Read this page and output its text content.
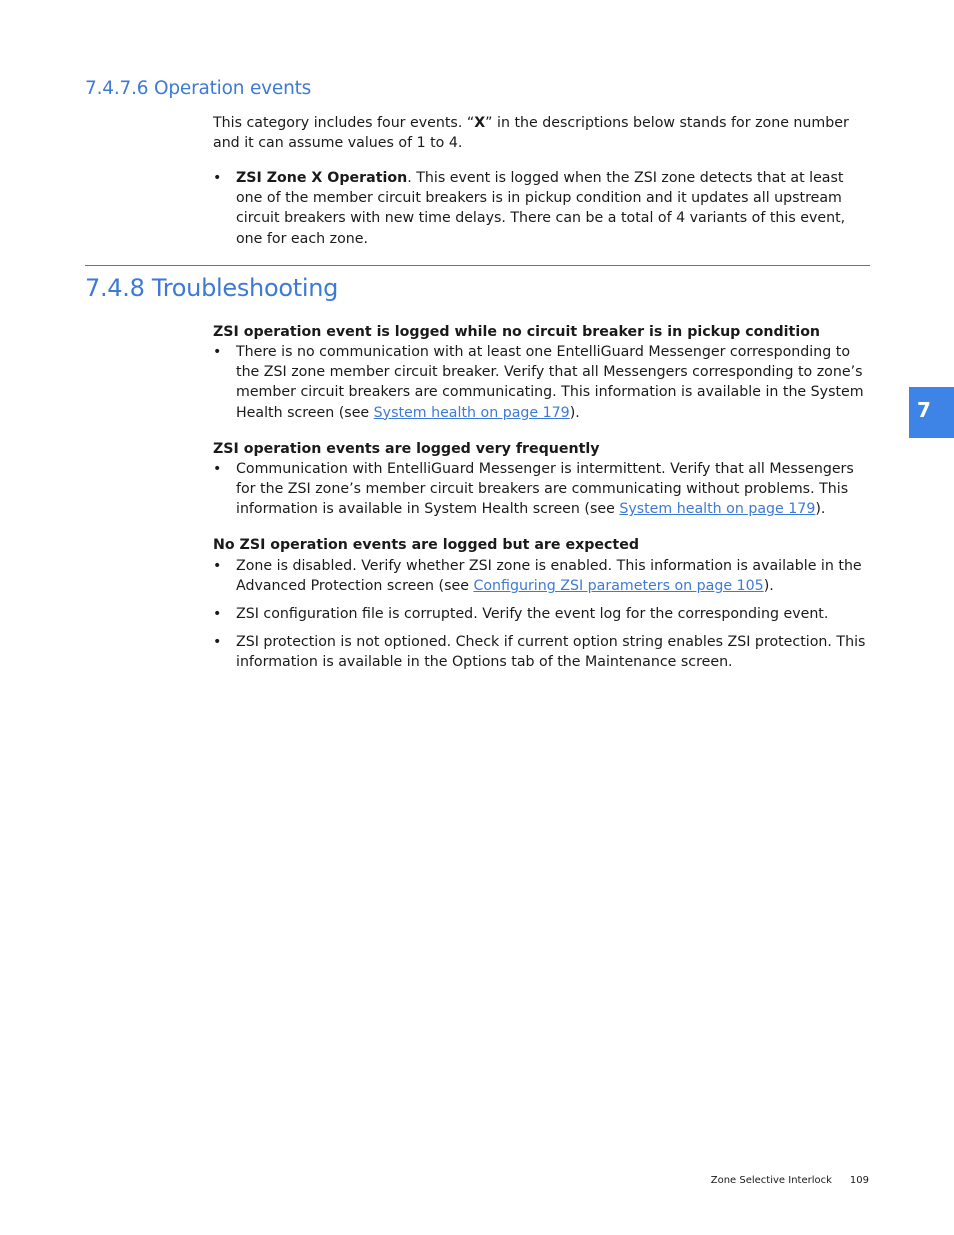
7.4.7.6 Operation events

This category includes four events. “X” in the descriptions below stands for zone number and it can assume values of 1 to 4.

•	ZSI Zone X Operation. This event is logged when the ZSI zone detects that at least one of the member circuit breakers is in pickup condition and it updates all upstream circuit breakers with new time delays. There can be a total of 4 variants of this event, one for each zone.
7.4.8 Troubleshooting

ZSI operation event is logged while no circuit breaker is in pickup condition

•	There is no communication with at least one EntelliGuard Messenger corresponding to the ZSI zone member circuit breaker. Verify that all Messengers corresponding to zone’s member circuit breakers are communicating. This information is available in the System Health screen (see System health on page 179).

ZSI operation events are logged very frequently

•	Communication with EntelliGuard Messenger is intermittent. Verify that all Messengers for the ZSI zone’s member circuit breakers are communicating without problems. This information is available in System Health screen (see System health on page 179).

No ZSI operation events are logged but are expected

•	Zone is disabled. Verify whether ZSI zone is enabled. This information is available in the Advanced Protection screen (see Configuring ZSI parameters on page 105).
•	ZSI configuration file is corrupted. Verify the event log for the corresponding event.
•	ZSI protection is not optioned. Check if current option string enables ZSI protection. This information is available in the Options tab of the Maintenance screen.
7
Zone Selective Interlock 109
